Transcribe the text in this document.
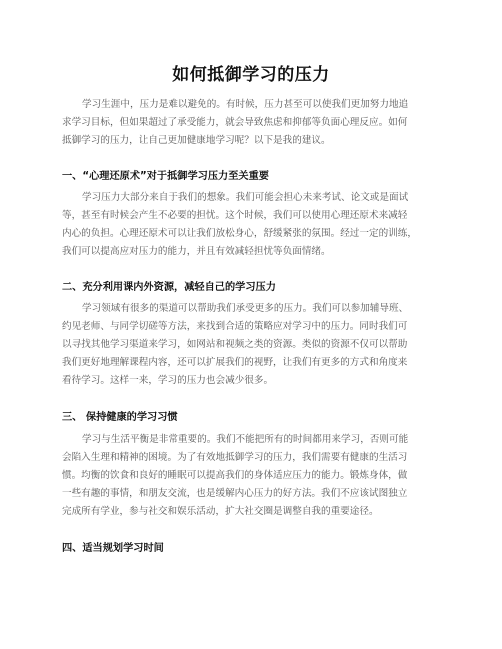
如何抵御学习的压力
学习生涯中，压力是难以避免的。有时候，压力甚至可以使我们更加努力地追
求学习目标，但如果超过了承受能力，就会导致焦虑和抑郁等负面心理反应。如何
抵御学习的压力，让自己更加健康地学习呢？以下是我的建议。
一、“心理还原术”对于抵御学习压力至关重要
学习压力大部分来自于我们的想象。我们可能会担心未来考试、论文或是面试
等，甚至有时候会产生不必要的担忧。这个时候，我们可以使用心理还原术来减轻
内心的负担。心理还原术可以让我们放松身心，舒缓紧张的氛围。经过一定的训练，
我们可以提高应对压力的能力，并且有效减轻担忧等负面情绪。
二、充分利用课内外资源，减轻自己的学习压力
学习领域有很多的渠道可以帮助我们承受更多的压力。我们可以参加辅导班、
约见老师、与同学切磋等方法，来找到合适的策略应对学习中的压力。同时我们可
以寻找其他学习渠道来学习，如网站和视频之类的资源。类似的资源不仅可以帮助
我们更好地理解课程内容，还可以扩展我们的视野，让我们有更多的方式和角度来
看待学习。这样一来，学习的压力也会减少很多。
三、 保持健康的学习习惯
学习与生活平衡是非常重要的。我们不能把所有的时间都用来学习，否则可能
会陷入生理和精神的困境。为了有效地抵御学习的压力，我们需要有健康的生活习
惯。均衡的饮食和良好的睡眠可以提高我们的身体适应压力的能力。锻炼身体，做
一些有趣的事情，和朋友交流，也是缓解内心压力的好方法。我们不应该试图独立
完成所有学业，参与社交和娱乐活动，扩大社交圈是调整自我的重要途径。
四、适当规划学习时间
